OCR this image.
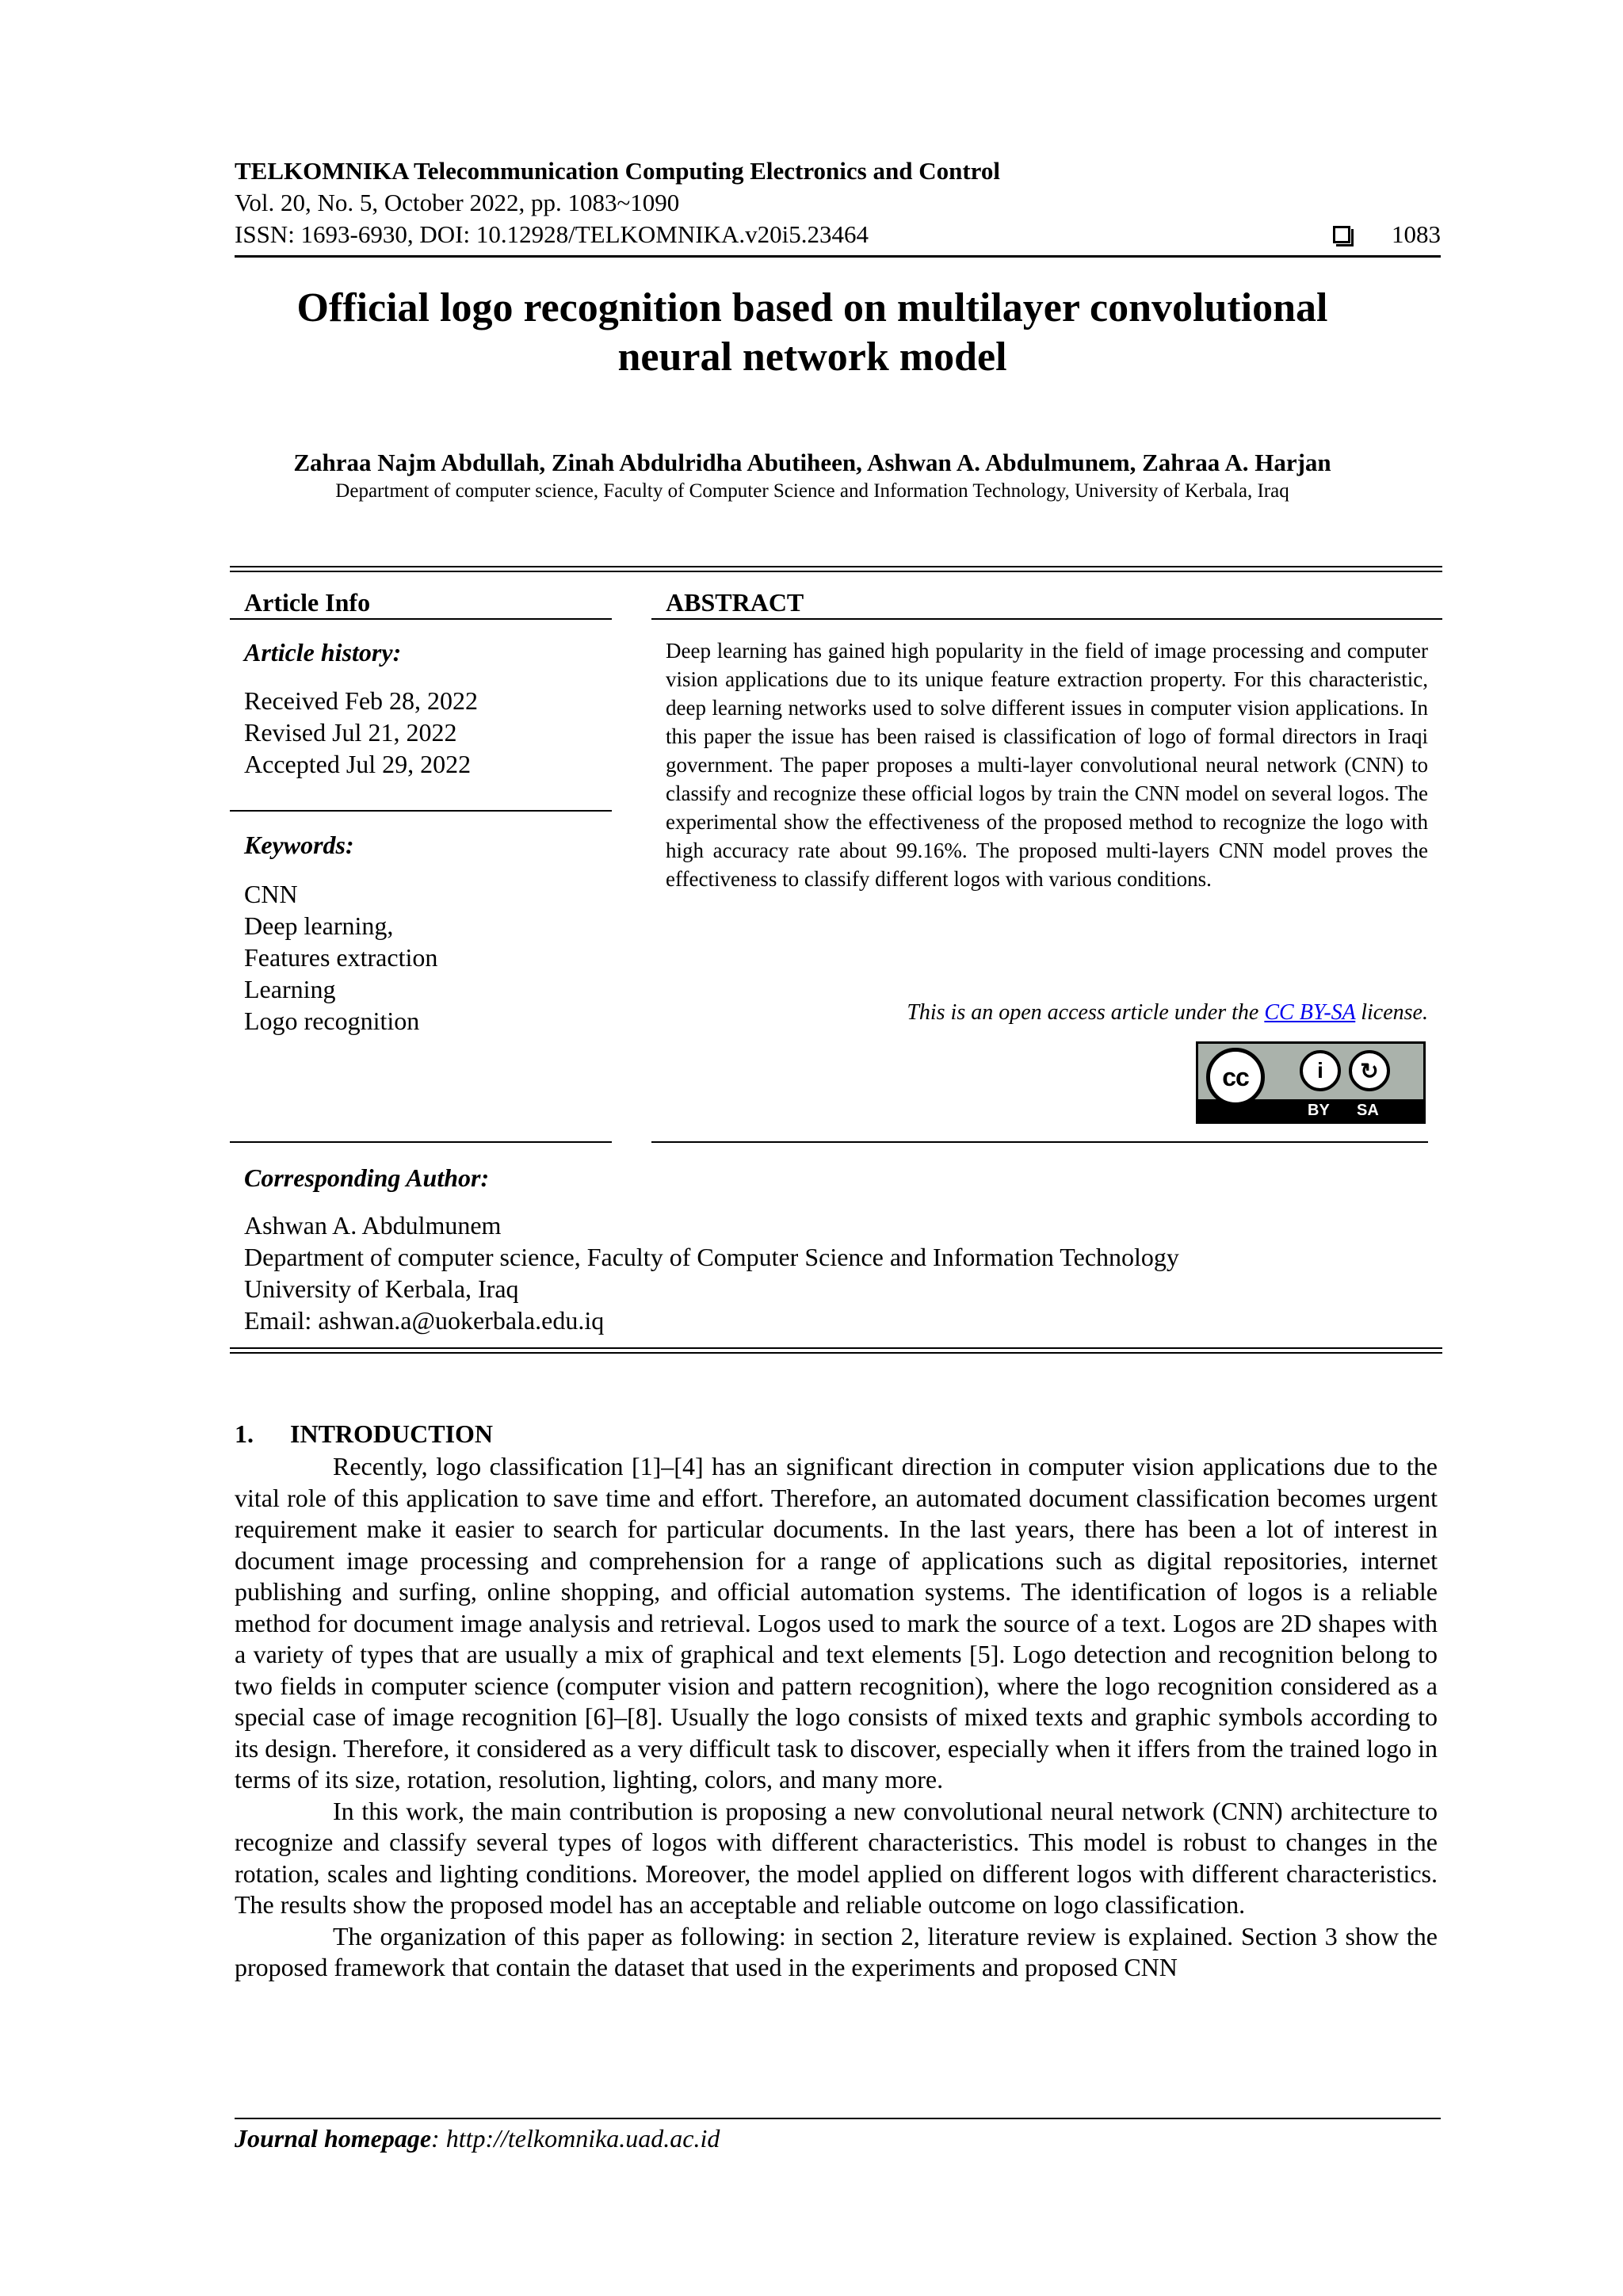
TELKOMNIKA Telecommunication Computing Electronics and Control
Vol. 20, No. 5, October 2022, pp. 1083~1090
ISSN: 1693-6930, DOI: 10.12928/TELKOMNIKA.v20i5.23464	1083
Official logo recognition based on multilayer convolutional
neural network model
Zahraa Najm Abdullah, Zinah Abdulridha Abutiheen, Ashwan A. Abdulmunem, Zahraa A. Harjan
Department of computer science, Faculty of Computer Science and Information Technology, University of Kerbala, Iraq
Article Info
Article history:
Received Feb 28, 2022
Revised Jul 21, 2022
Accepted Jul 29, 2022
Keywords:
CNN
Deep learning,
Features extraction
Learning
Logo recognition
ABSTRACT
Deep learning has gained high popularity in the field of image processing and computer vision applications due to its unique feature extraction property. For this characteristic, deep learning networks used to solve different issues in computer vision applications. In this paper the issue has been raised is classification of logo of formal directors in Iraqi government. The paper proposes a multi-layer convolutional neural network (CNN) to classify and recognize these official logos by train the CNN model on several logos. The experimental show the effectiveness of the proposed method to recognize the logo with high accuracy rate about 99.16%. The proposed multi-layers CNN model proves the effectiveness to classify different logos with various conditions.
This is an open access article under the CC BY-SA license.
cc	i	↻
BY SA
Corresponding Author:
Ashwan A. Abdulmunem
Department of computer science, Faculty of Computer Science and Information Technology
University of Kerbala, Iraq
Email: ashwan.a@uokerbala.edu.iq
1. INTRODUCTION

Recently, logo classification [1]–[4] has an significant direction in computer vision applications due to the vital role of this application to save time and effort. Therefore, an automated document classification becomes urgent requirement make it easier to search for particular documents. In the last years, there has been a lot of interest in document image processing and comprehension for a range of applications such as digital repositories, internet publishing and surfing, online shopping, and official automation systems. The identification of logos is a reliable method for document image analysis and retrieval. Logos used to mark the source of a text. Logos are 2D shapes with a variety of types that are usually a mix of graphical and text elements [5]. Logo detection and recognition belong to two fields in computer science (computer vision and pattern recognition), where the logo recognition considered as a special case of image recognition [6]–[8]. Usually the logo consists of mixed texts and graphic symbols according to its design. Therefore, it considered as a very difficult task to discover, especially when it iffers from the trained logo in terms of its size, rotation, resolution, lighting, colors, and many more.

In this work, the main contribution is proposing a new convolutional neural network (CNN) architecture to recognize and classify several types of logos with different characteristics. This model is robust to changes in the rotation, scales and lighting conditions. Moreover, the model applied on different logos with different characteristics. The results show the proposed model has an acceptable and reliable outcome on logo classification.

The organization of this paper as following: in section 2, literature review is explained. Section 3 show the proposed framework that contain the dataset that used in the experiments and proposed CNN

Journal homepage: http://telkomnika.uad.ac.id
